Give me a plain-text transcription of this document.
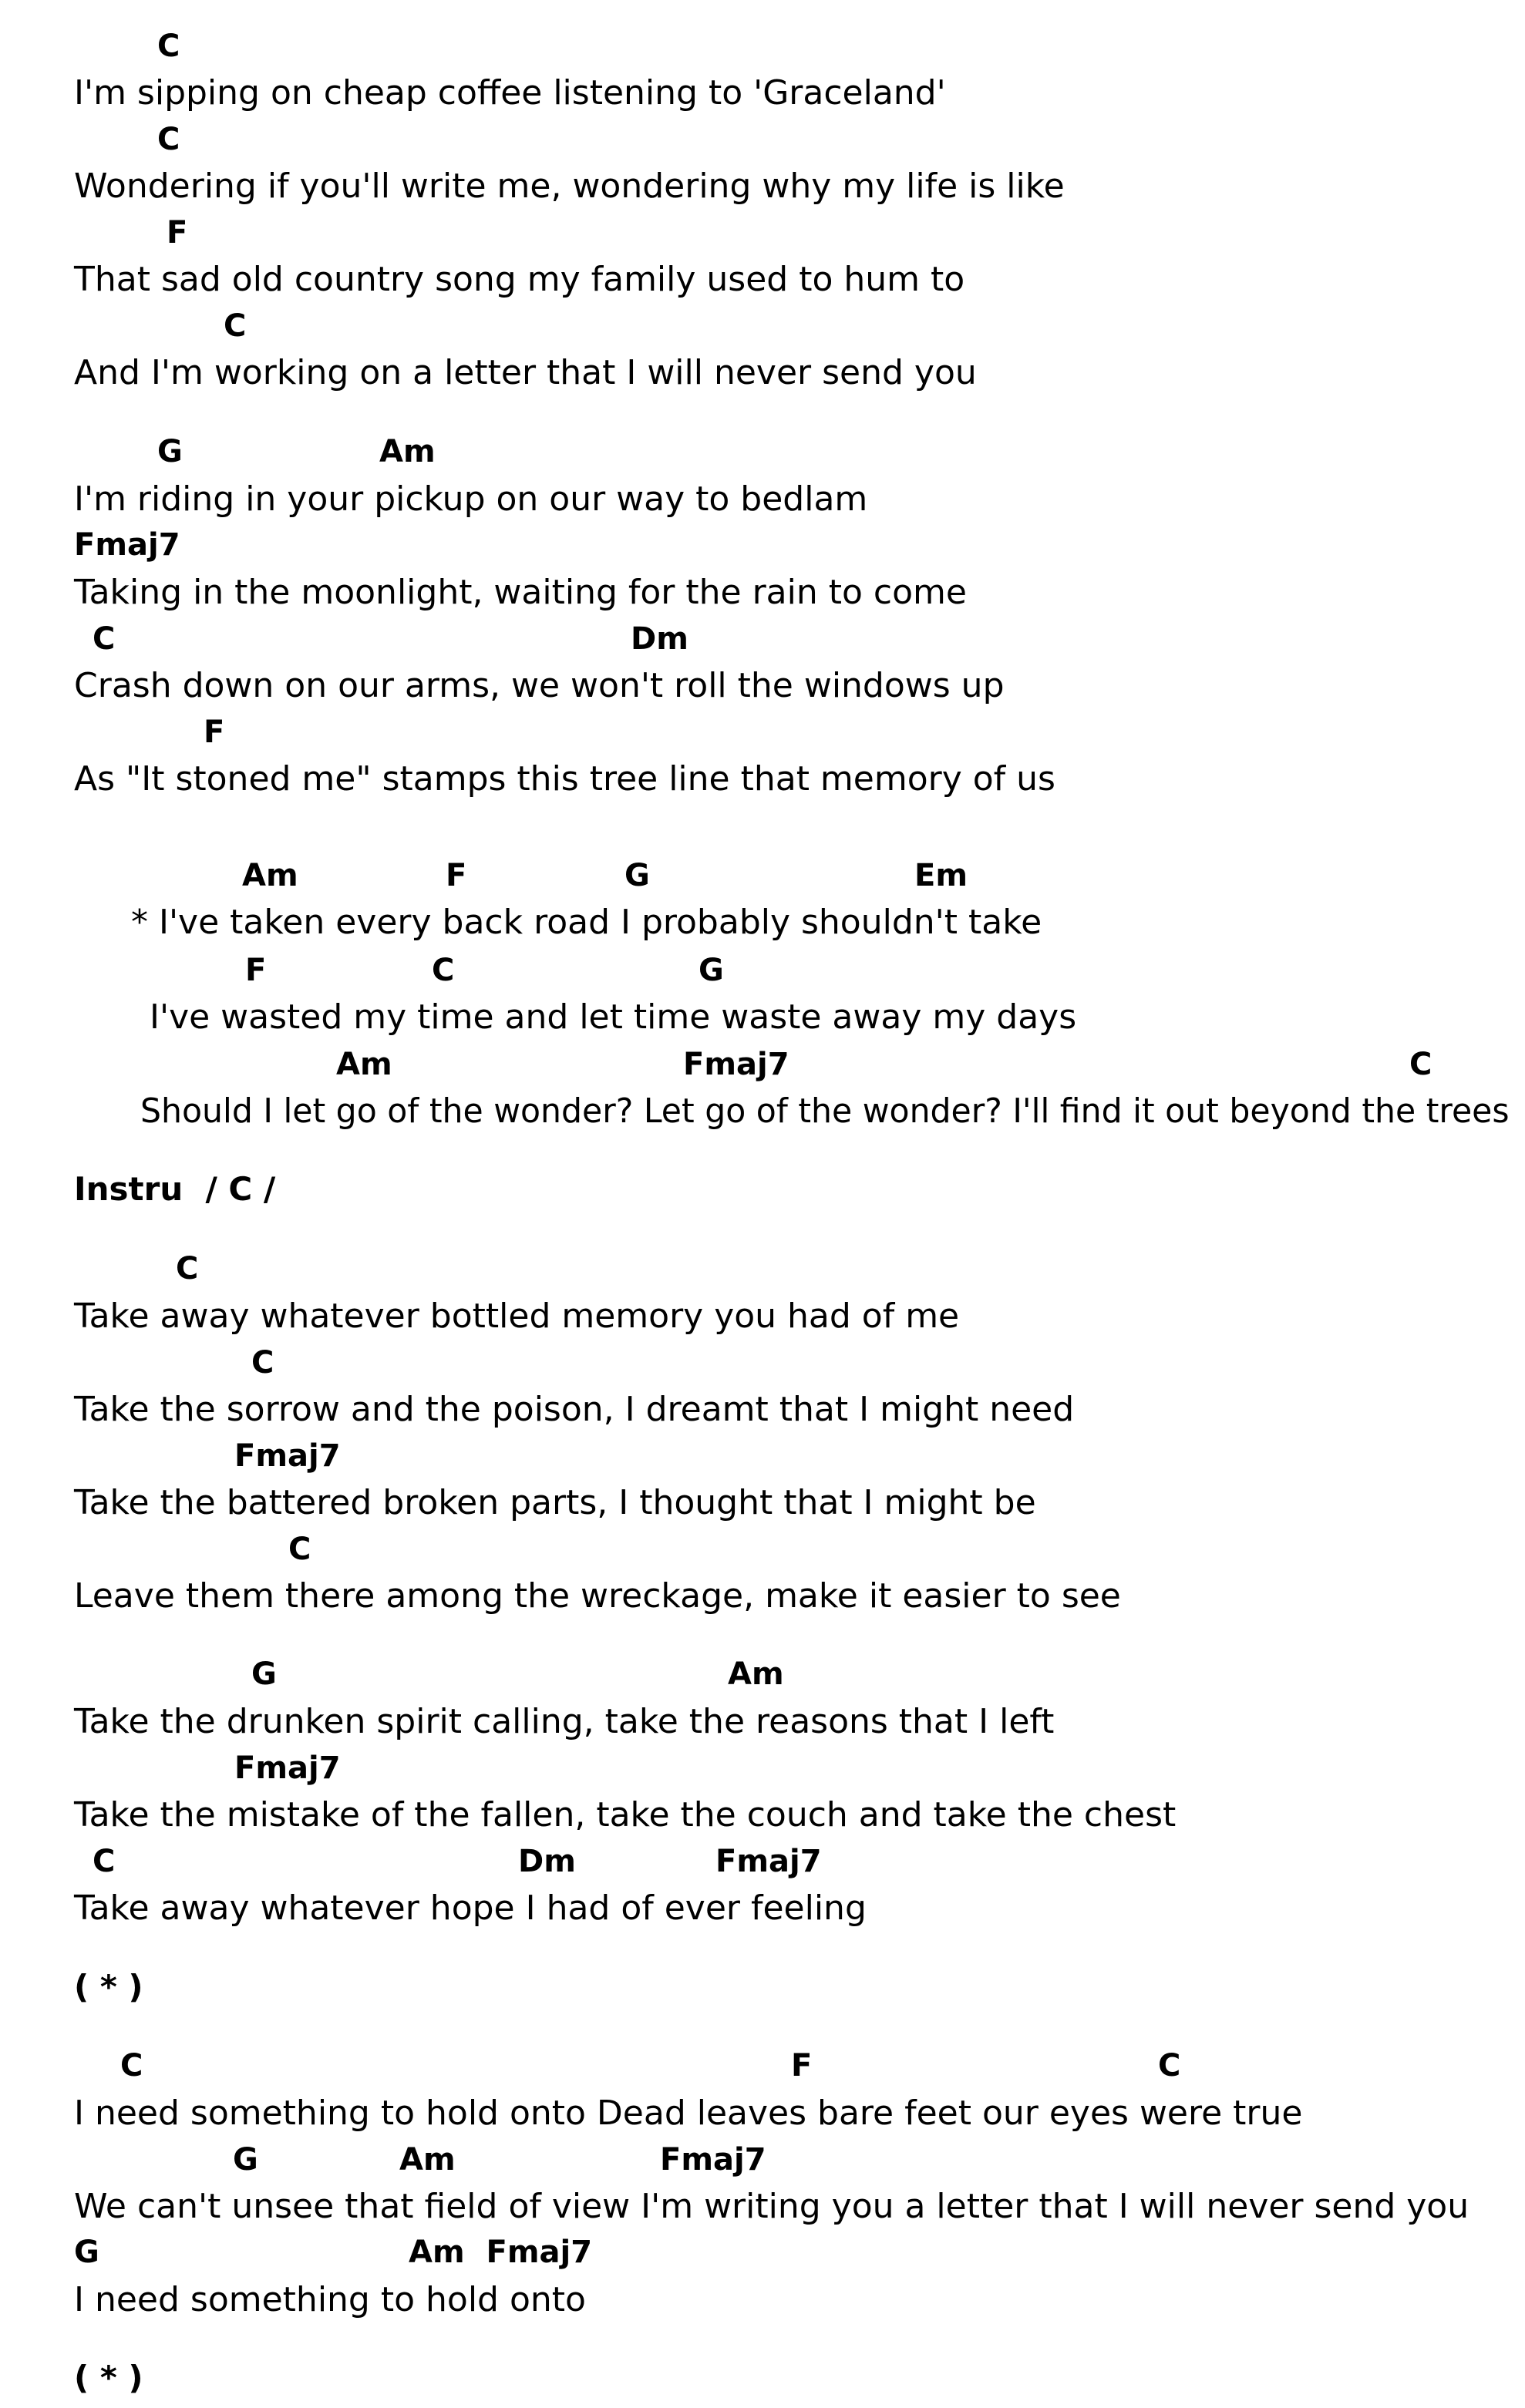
C
I'm sipping on cheap coffee listening to 'Graceland'
C
Wondering if you'll write me, wondering why my life is like
F
That sad old country song my family used to hum to
C
And I'm working on a letter that I will never send you
G	Am
I'm riding in your pickup on our way to bedlam
Fmaj7
Taking in the moonlight, waiting for the rain to come
C	Dm
Crash down on our arms, we won't roll the windows up
F
As "It stoned me" stamps this tree line that memory of us
Am	F	G	Em
* I've taken every back road I probably shouldn't take
F	C	G
I've wasted my time and let time waste away my days
Am	Fmaj7	C
Should I let go of the wonder? Let go of the wonder? I'll find it out beyond the trees
Instru  / C /
C
Take away whatever bottled memory you had of me
C
Take the sorrow and the poison, I dreamt that I might need
Fmaj7
Take the battered broken parts, I thought that I might be
C
Leave them there among the wreckage, make it easier to see
G	Am
Take the drunken spirit calling, take the reasons that I left
Fmaj7
Take the mistake of the fallen, take the couch and take the chest
C	Dm	Fmaj7
Take away whatever hope I had of ever feeling
( * )
C	F	C
I need something to hold onto Dead leaves bare feet our eyes were true
G	Am	Fmaj7
We can't unsee that field of view I'm writing you a letter that I will never send you
G	Am  Fmaj7
I need something to hold onto
( * )
